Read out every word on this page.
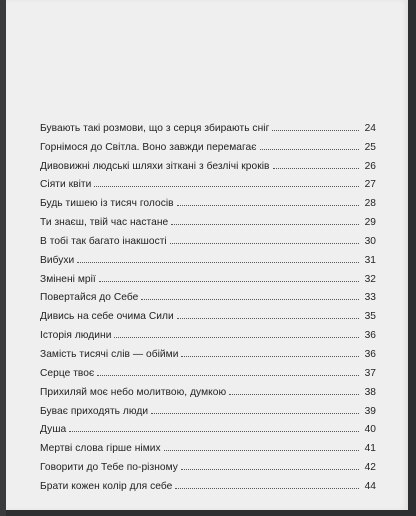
Бувають такі розмови, що з серця збирають сніг	24
Горнімося до Світла. Воно завжди перемагає	25
Дивовижні людські шляхи зіткані з безлічі кроків	26
Сіяти квіти	27
Будь тишею із тисяч голосів	28
Ти знаєш, твій час настане	29
В тобі так багато інакшості	30
Вибухи	31
Змінені мрії	32
Повертайся до Себе	33
Дивись на себе очима Сили	35
Історія людини	36
Замість тисячі слів — обійми	36
Серце твоє	37
Прихиляй моє небо молитвою, думкою	38
Буває приходять люди	39
Душа	40
Мертві слова гірше німих	41
Говорити до Тебе по-різному	42
Брати кожен колір для себе	44
